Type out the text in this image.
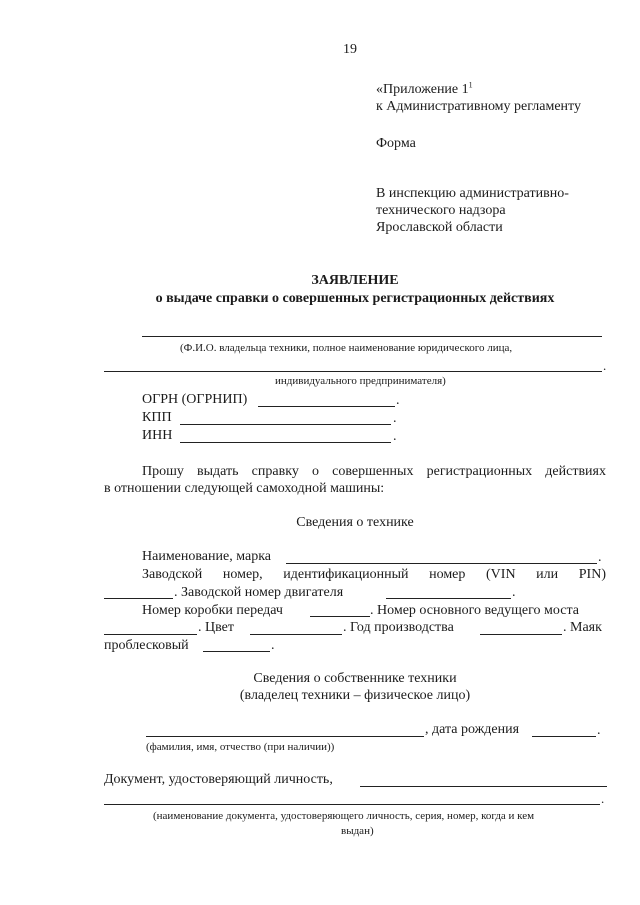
19
«Приложение $1^1$
к Административному регламенту
Форма
В инспекцию административно-
технического надзора
Ярославской области
ЗАЯВЛЕНИЕ
о выдаче справки о совершенных регистрационных действиях
(Ф.И.О. владельца техники, полное наименование юридического лица,
.
индивидуального предпринимателя)
ОГРН (ОГРНИП)	.
КПП	.
ИНН	.
Прошу выдать справку о совершенных регистрационных действиях
в отношении следующей самоходной машины:
Сведения о технике
Наименование, марка	.
Заводской номер, идентификационный номер (VIN или PIN)
. Заводской номер двигателя	.
Номер коробки передач	. Номер основного ведущего моста
. Цвет	. Год производства	. Маяк
проблесковый	.
Сведения о собственнике техники
(владелец техники – физическое лицо)
, дата рождения	.
(фамилия, имя, отчество (при наличии))
Документ, удостоверяющий личность,
.
(наименование документа, удостоверяющего личность, серия, номер, когда и кем
выдан)
